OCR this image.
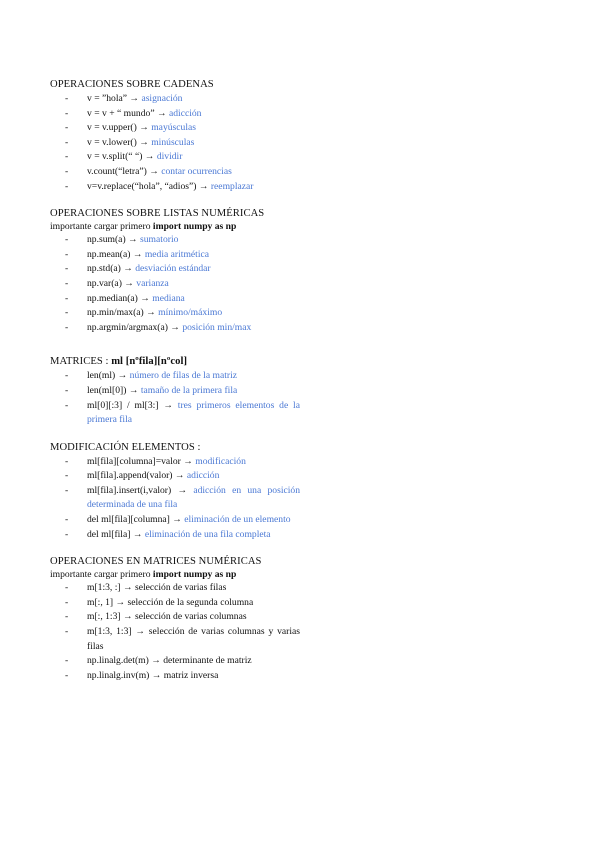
OPERACIONES SOBRE CADENAS
- v = ”hola” → asignación
- v = v + “ mundo” → adicción
- v = v.upper() → mayúsculas
- v = v.lower() → minúsculas
- v = v.split(“ “) → dividir
- v.count(“letra”) → contar ocurrencias
- v=v.replace(“hola”, “adios”) → reemplazar
OPERACIONES SOBRE LISTAS NUMÉRICAS
importante cargar primero import numpy as np
- np.sum(a) → sumatorio
- np.mean(a) → media aritmética
- np.std(a) → desviación estándar
- np.var(a) → varianza
- np.median(a) → mediana
- np.min/max(a) → mínimo/máximo
- np.argmin/argmax(a) → posición min/max
MATRICES : ml [nºfila][nºcol]
- len(ml) → número de filas de la matriz
- len(ml[0]) → tamaño de la primera fila
- ml[0][:3] / ml[3:] → tres primeros elementos de la primera fila
MODIFICACIÓN ELEMENTOS :
- ml[fila][columna]=valor → modificación
- ml[fila].append(valor) → adicción
- ml[fila].insert(i,valor) → adicción en una posición determinada de una fila
- del ml[fila][columna] → eliminación de un elemento
- del ml[fila] → eliminación de una fila completa
OPERACIONES EN MATRICES NUMÉRICAS
importante cargar primero import numpy as np
- m[1:3, :] → selección de varias filas
- m[:, 1] → selección de la segunda columna
- m[:, 1:3] → selección de varias columnas
- m[1:3, 1:3] → selección de varias columnas y varias filas
- np.linalg.det(m) → determinante de matriz
- np.linalg.inv(m) → matriz inversa
